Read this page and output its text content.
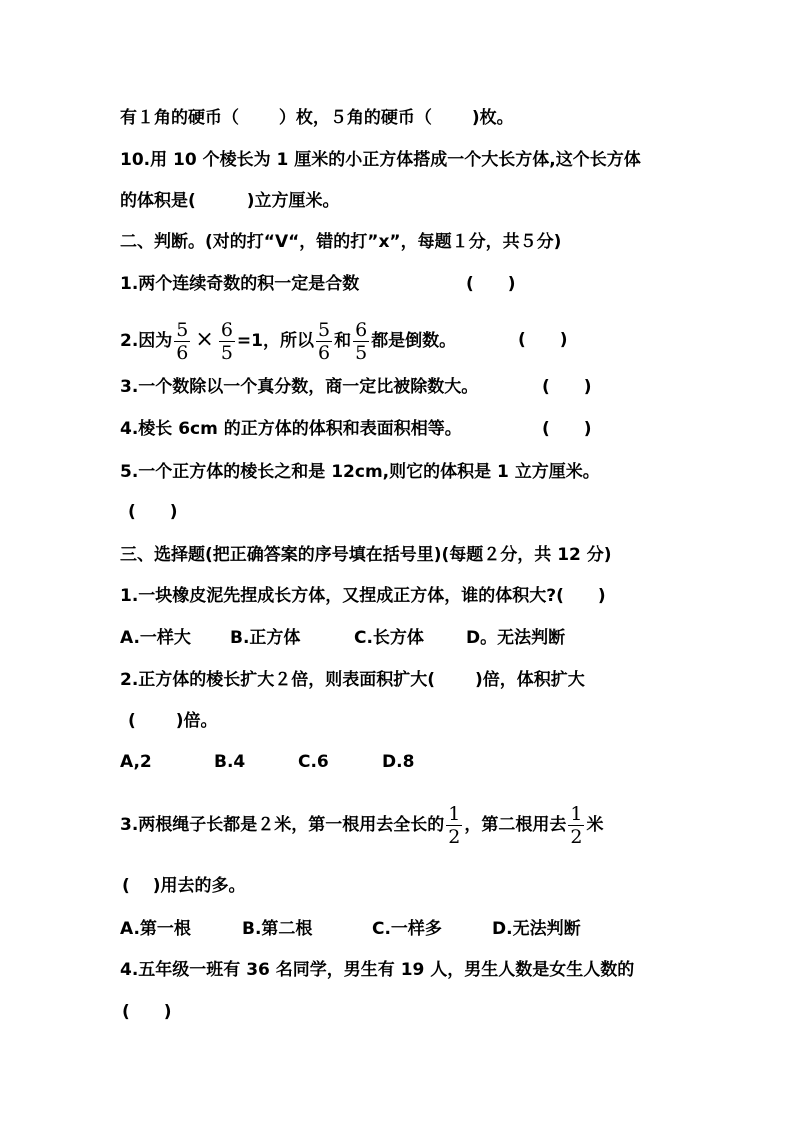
有１角的硬币（　　 ）枚，５角的硬币（　　 )枚。
10.用 10 个棱长为 1 厘米的小正方体搭成一个大长方体,这个长方体
的体积是(　　　)立方厘米。
二、判断。(对的打“V“，错的打”x”，每题１分，共５分)
1.两个连续奇数的积一定是合数	(　　)
2.因为 $\frac{5}{6} \times \frac{6}{5} =1$，所以 $\frac{5}{6}$ 和 $\frac{6}{5}$ 都是倒数。	(　　)
3.一个数除以一个真分数，商一定比被除数大。	(　　)
4.棱长 6cm 的正方体的体积和表面积相等。	(　　)
5.一个正方体的棱长之和是 12cm,则它的体积是 1 立方厘米。
(　　)
三、选择题(把正确答案的序号填在括号里)(每题２分，共 12 分)
1.一块橡皮泥先捏成长方体，又捏成正方体，谁的体积大?(　　)
A.一样大 B.正方体	C.长方体 D。无法判断
2.正方体的棱长扩大２倍，则表面积扩大(　　 )倍，体积扩大
(　　 )倍。
A,2	B.4	C.6	D.8
3.两根绳子长都是２米，第一根用去全长的 $\frac{1}{2}$ ，第二根用去 $\frac{1}{2}$ 米
(　 )用去的多。
A.第一根	B.第二根	C.一样多	D.无法判断
4.五年级一班有 36 名同学，男生有 19 人，男生人数是女生人数的
(　　)
